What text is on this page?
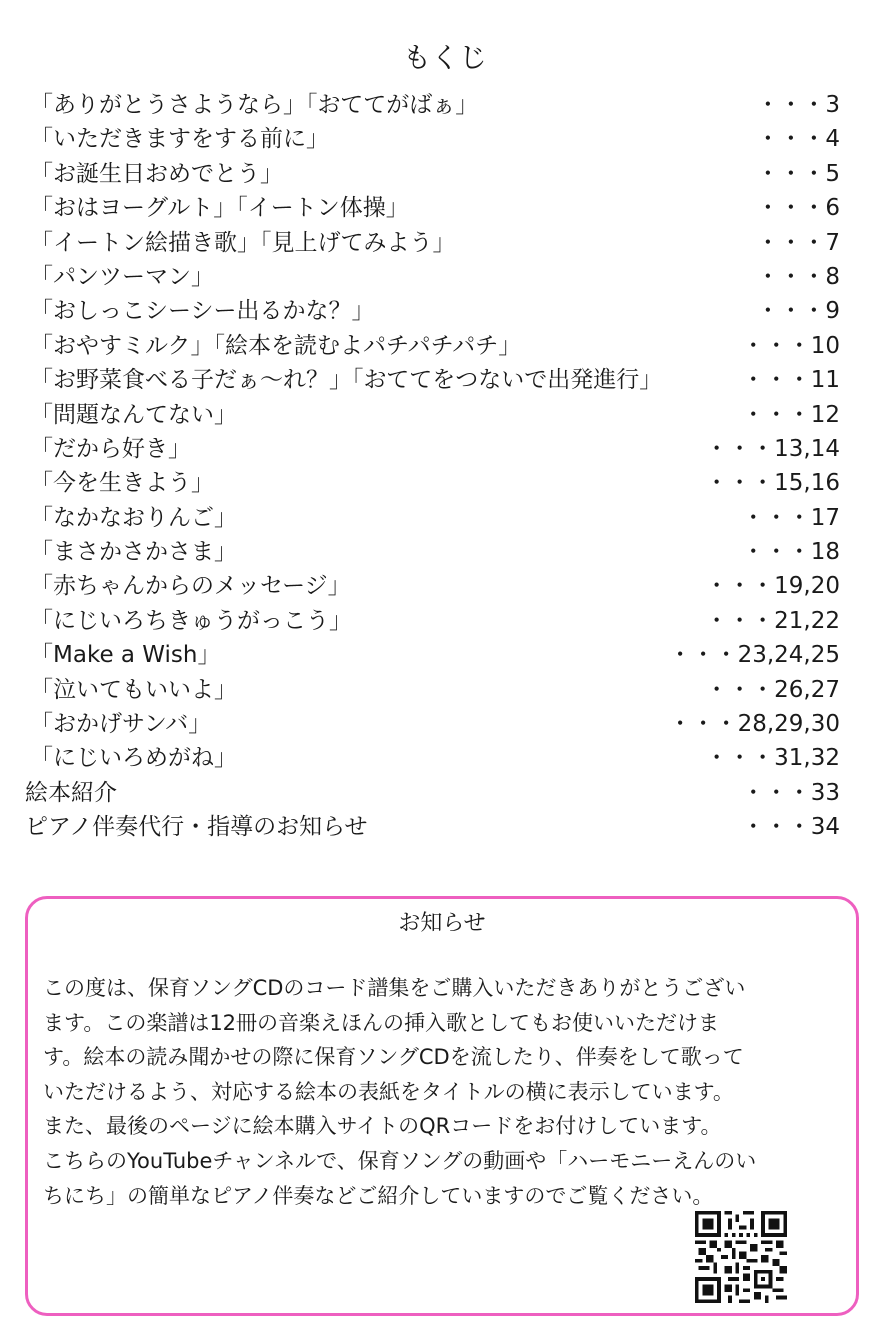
もくじ
「ありがとうさようなら」「おててがばぁ」	・・・3
「いただきますをする前に」	・・・4
「お誕生日おめでとう」	・・・5
「おはヨーグルト」「イートン体操」	・・・6
「イートン絵描き歌」「見上げてみよう」	・・・7
「パンツーマン」	・・・8
「おしっこシーシー出るかな？」	・・・9
「おやすミルク」「絵本を読むよパチパチパチ」	・・・10
「お野菜食べる子だぁ～れ？」「おててをつないで出発進行」	・・・11
「問題なんてない」	・・・12
「だから好き」	・・・13,14
「今を生きよう」	・・・15,16
「なかなおりんご」	・・・17
「まさかさかさま」	・・・18
「赤ちゃんからのメッセージ」	・・・19,20
「にじいろちきゅうがっこう」	・・・21,22
「Make a Wish」	・・・23,24,25
「泣いてもいいよ」	・・・26,27
「おかげサンバ」	・・・28,29,30
「にじいろめがね」	・・・31,32
絵本紹介	・・・33
ピアノ伴奏代行・指導のお知らせ	・・・34
お知らせ
この度は、保育ソングCDのコード譜集をご購入いただきありがとうござい
ます。この楽譜は12冊の音楽えほんの挿入歌としてもお使いいただけま
す。絵本の読み聞かせの際に保育ソングCDを流したり、伴奏をして歌って
いただけるよう、対応する絵本の表紙をタイトルの横に表示しています。
また、最後のページに絵本購入サイトのQRコードをお付けしています。
こちらのYouTubeチャンネルで、保育ソングの動画や「ハーモニーえんのい
ちにち」の簡単なピアノ伴奏などご紹介していますのでご覧ください。
